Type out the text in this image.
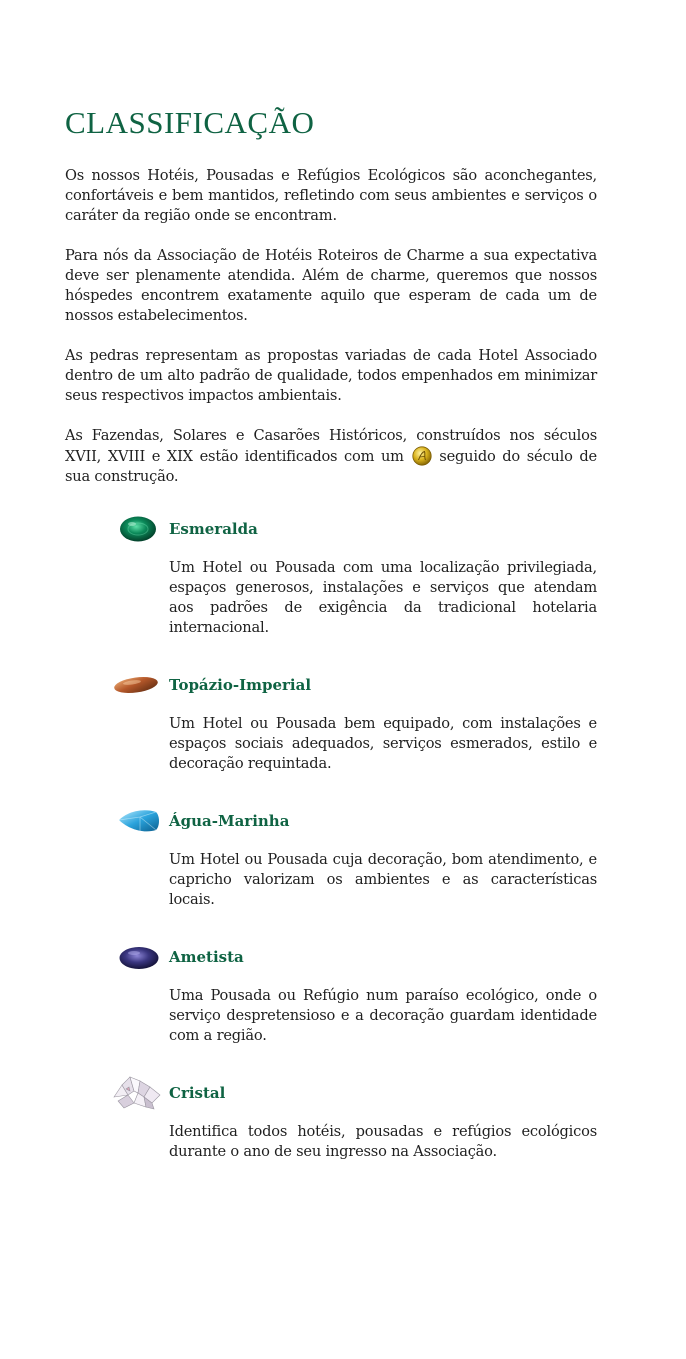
CLASSIFICAÇÃO

Os nossos Hotéis, Pousadas e Refúgios Ecológicos são aconchegantes, confortáveis e bem mantidos, refletindo com seus ambientes e serviços o caráter da região onde se encontram.

Para nós da Associação de Hotéis Roteiros de Charme a sua expectativa deve ser plenamente atendida. Além de charme, queremos que nossos hóspedes encontrem exatamente aquilo que esperam de cada um de nossos estabelecimentos.

As pedras representam as propostas variadas de cada Hotel Associado dentro de um alto padrão de qualidade, todos empenhados em minimizar seus respectivos impactos ambientais.

As Fazendas, Solares e Casarões Históricos, construídos nos séculos XVII, XVIII e XIX estão identificados com um seguido do século de sua construção.

Esmeralda

Um Hotel ou Pousada com uma localização privilegiada, espaços generosos, instalações e serviços que atendam aos padrões de exigência da tradicional hotelaria internacional.

Topázio-Imperial

Um Hotel ou Pousada bem equipado, com instalações e espaços sociais adequados, serviços esmerados, estilo e decoração requintada.

Água-Marinha

Um Hotel ou Pousada cuja decoração, bom atendimento, e capricho valorizam os ambientes e as características locais.

Ametista

Uma Pousada ou Refúgio num paraíso ecológico, onde o serviço despretensioso e a decoração guardam identidade com a região.

Cristal

Identifica todos hotéis, pousadas e refúgios ecológicos durante o ano de seu ingresso na Associação.
